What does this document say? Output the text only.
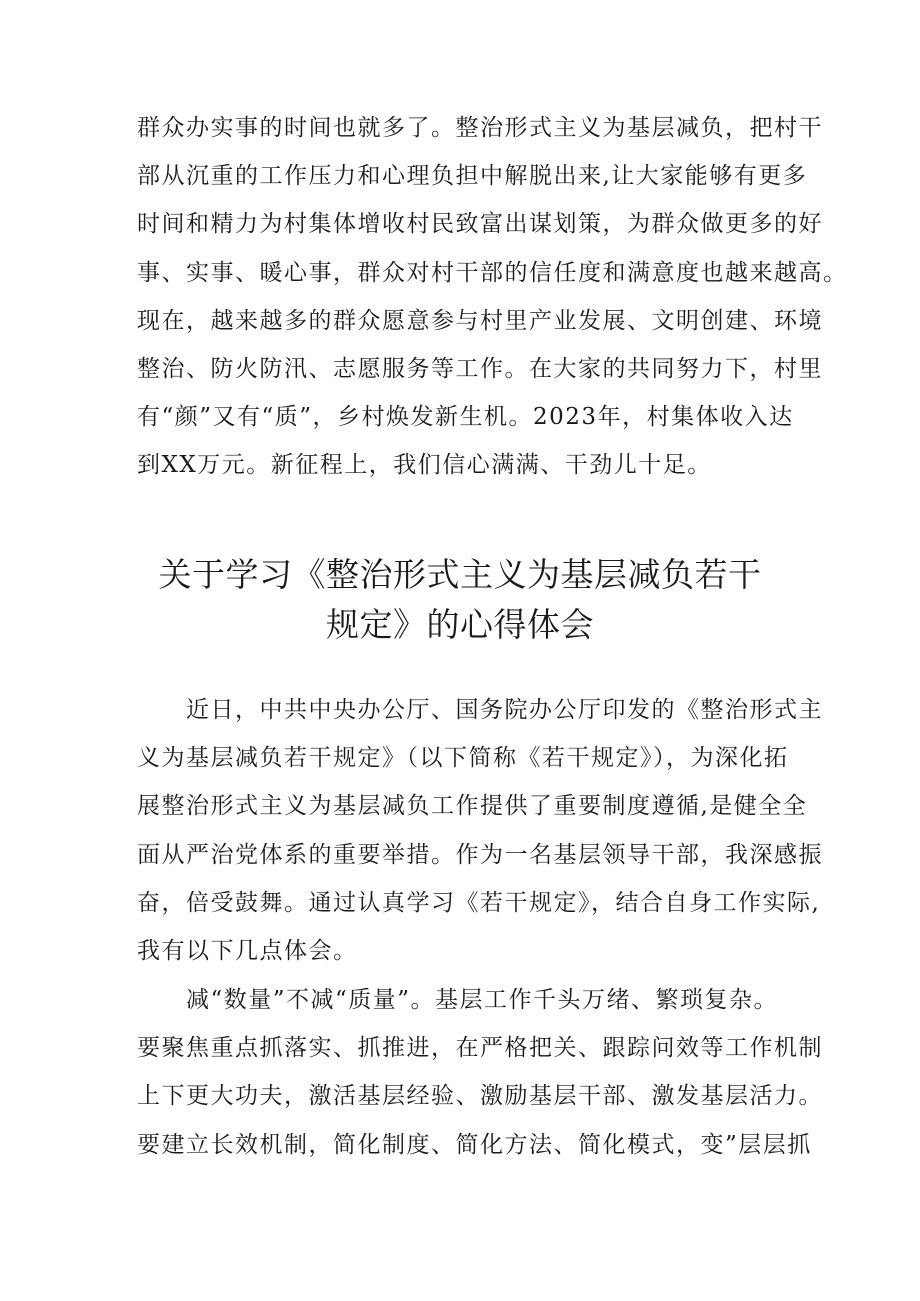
群众办实事的时间也就多了。整治形式主义为基层减负，把村干
部从沉重的工作压力和心理负担中解脱出来,让大家能够有更多
时间和精力为村集体增收村民致富出谋划策，为群众做更多的好
事、实事、暖心事，群众对村干部的信任度和满意度也越来越高。
现在，越来越多的群众愿意参与村里产业发展、文明创建、环境
整治、防火防汛、志愿服务等工作。在大家的共同努力下，村里
有“颜”又有“质”，乡村焕发新生机。2023年，村集体收入达
到XX万元。新征程上，我们信心满满、干劲儿十足。
关于学习《整治形式主义为基层减负若干
规定》的心得体会
　　近日，中共中央办公厅、国务院办公厅印发的《整治形式主
义为基层减负若干规定》（以下简称《若干规定》），为深化拓
展整治形式主义为基层减负工作提供了重要制度遵循,是健全全
面从严治党体系的重要举措。作为一名基层领导干部，我深感振
奋，倍受鼓舞。通过认真学习《若干规定》，结合自身工作实际,
我有以下几点体会。
　　减“数量”不减“质量”。基层工作千头万绪、繁琐复杂。
要聚焦重点抓落实、抓推进，在严格把关、跟踪问效等工作机制
上下更大功夫，激活基层经验、激励基层干部、激发基层活力。
要建立长效机制，简化制度、简化方法、简化模式，变”层层抓
